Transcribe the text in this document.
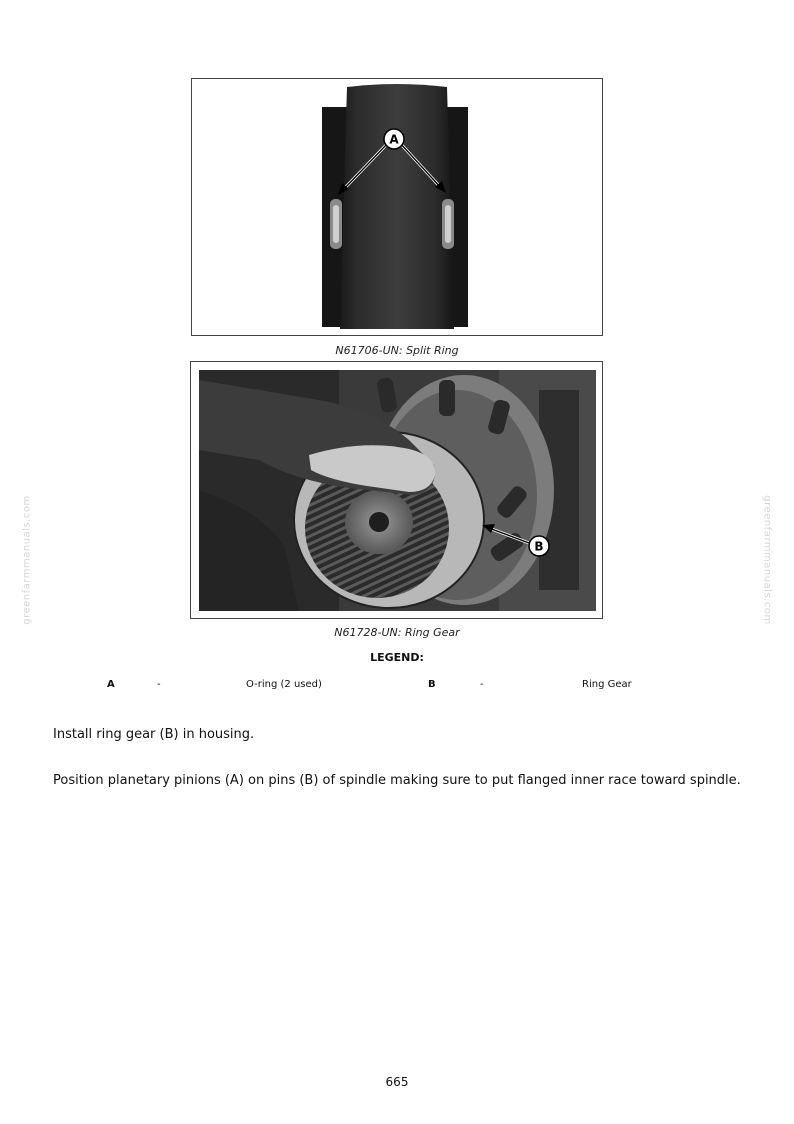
greenfarmmanuals.com	greenfarmmanuals.com
A
N61706-UN: Split Ring
B
N61728-UN: Ring Gear
LEGEND:
A	-	O-ring (2 used)	B	-	Ring Gear
Install ring gear (B) in housing.
Position planetary pinions (A) on pins (B) of spindle making sure to put flanged inner race toward spindle.
665
